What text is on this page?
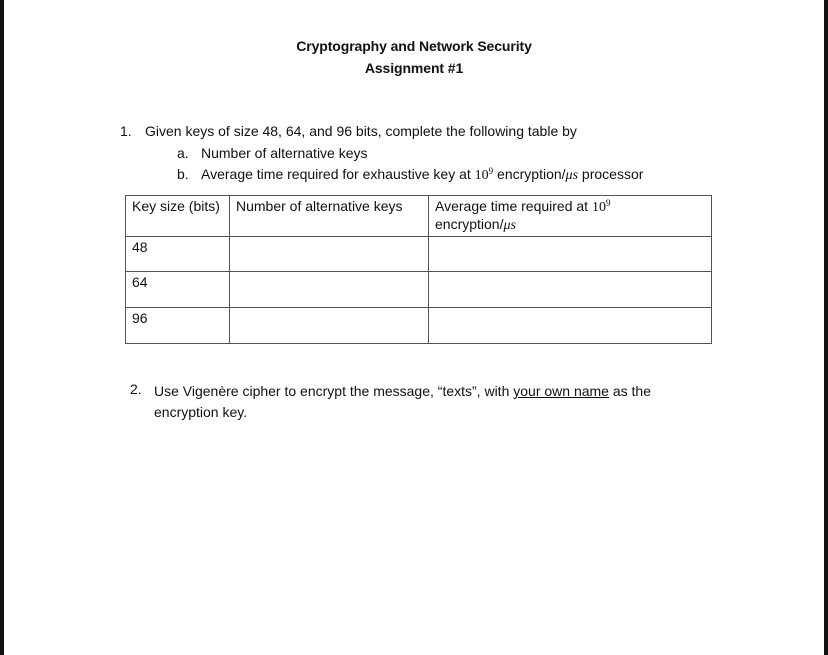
Cryptography and Network Security
Assignment #1
1. Given keys of size 48, 64, and 96 bits, complete the following table by
a. Number of alternative keys
b. Average time required for exhaustive key at $10^9$ encryption/μs processor
Key size (bits)	Number of alternative keys	Average time required at $10^9$
encryption/μs
48		
64		
96		
2. Use Vigenère cipher to encrypt the message, “texts”, with your own name as the encryption key.
